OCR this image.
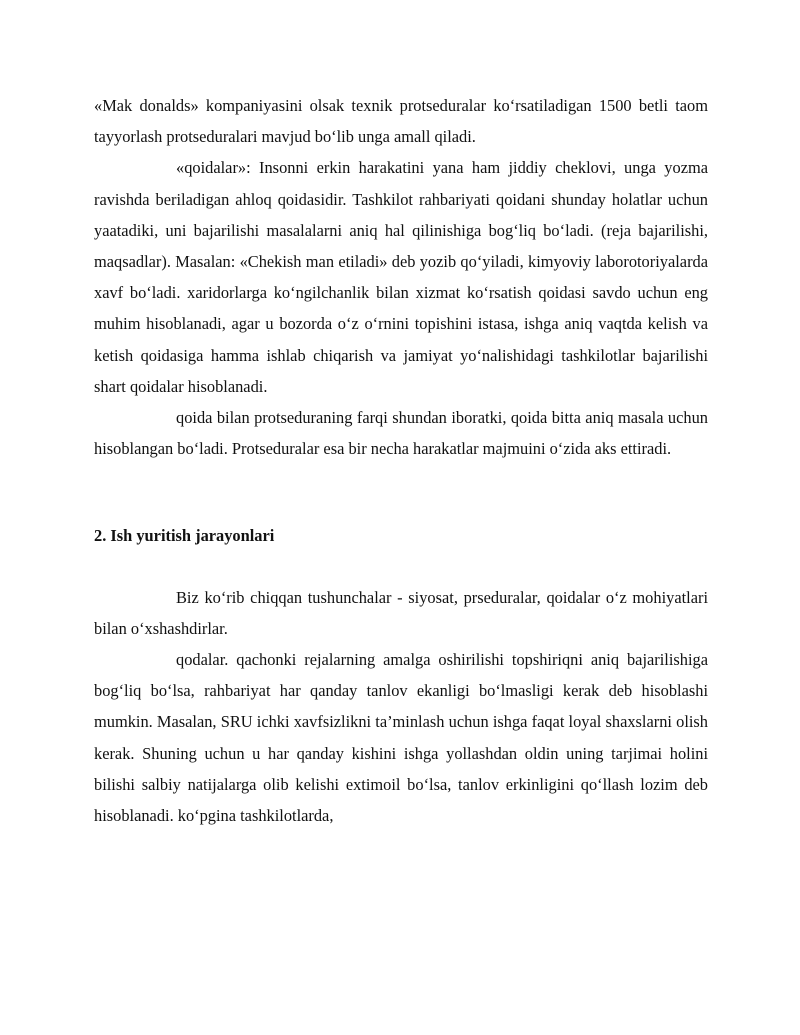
«Mak donalds» kompaniyasini olsak texnik protseduralar ko‘rsatiladigan 1500 betli taom tayyorlash protseduralari mavjud bo‘lib unga amall qiladi.

«qoidalar»: Insonni erkin harakatini yana ham jiddiy cheklovi, unga yozma ravishda beriladigan ahloq qoidasidir. Tashkilot rahbariyati qoidani shunday holatlar uchun yaatadiki, uni bajarilishi masalalarni aniq hal qilinishiga bog‘liq bo‘ladi. (reja bajarilishi, maqsadlar). Masalan: «Chekish man etiladi» deb yozib qo‘yiladi, kimyoviy laborotoriyalarda xavf bo‘ladi. xaridorlarga ko‘ngilchanlik bilan xizmat ko‘rsatish qoidasi savdo uchun eng muhim hisoblanadi, agar u bozorda o‘z o‘rnini topishini istasa, ishga aniq vaqtda kelish va ketish qoidasiga hamma ishlab chiqarish va jamiyat yo‘nalishidagi tashkilotlar bajarilishi shart qoidalar hisoblanadi.

qoida bilan protseduraning farqi shundan iboratki, qoida bitta aniq masala uchun hisoblangan bo‘ladi. Protseduralar esa bir necha harakatlar majmuini o‘zida aks ettiradi.

2. Ish yuritish jarayonlari

Biz ko‘rib chiqqan tushunchalar - siyosat, prseduralar, qoidalar o‘z mohiyatlari bilan o‘xshashdirlar.

qodalar. qachonki rejalarning amalga oshirilishi topshiriqni aniq bajarilishiga bog‘liq bo‘lsa, rahbariyat har qanday tanlov ekanligi bo‘lmasligi kerak deb hisoblashi mumkin. Masalan, SRU ichki xavfsizlikni ta’minlash uchun ishga faqat loyal shaxslarni olish kerak. Shuning uchun u har qanday kishini ishga yollashdan oldin uning tarjimai holini bilishi salbiy natijalarga olib kelishi extimoil bo‘lsa, tanlov erkinligini qo‘llash lozim deb hisoblanadi. ko‘pgina tashkilotlarda,
